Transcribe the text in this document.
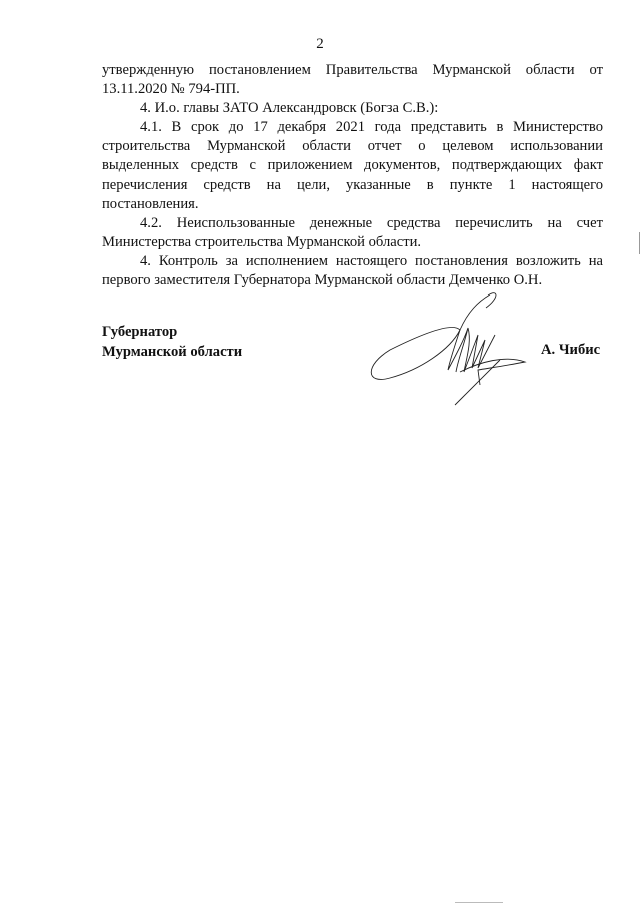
2
утвержденную постановлением Правительства Мурманской области от
13.11.2020 № 794-ПП.
4. И.о. главы ЗАТО Александровск (Богза С.В.):
4.1. В срок до 17 декабря 2021 года представить в Министерство
строительства Мурманской области отчет о целевом использовании
выделенных средств с приложением документов, подтверждающих факт
перечисления средств на цели, указанные в пункте 1 настоящего
постановления.
4.2. Неиспользованные денежные средства перечислить на счет
Министерства строительства Мурманской области.
4. Контроль за исполнением настоящего постановления возложить на
первого заместителя Губернатора Мурманской области Демченко О.Н.
Губернатор
Мурманской области	А. Чибис
